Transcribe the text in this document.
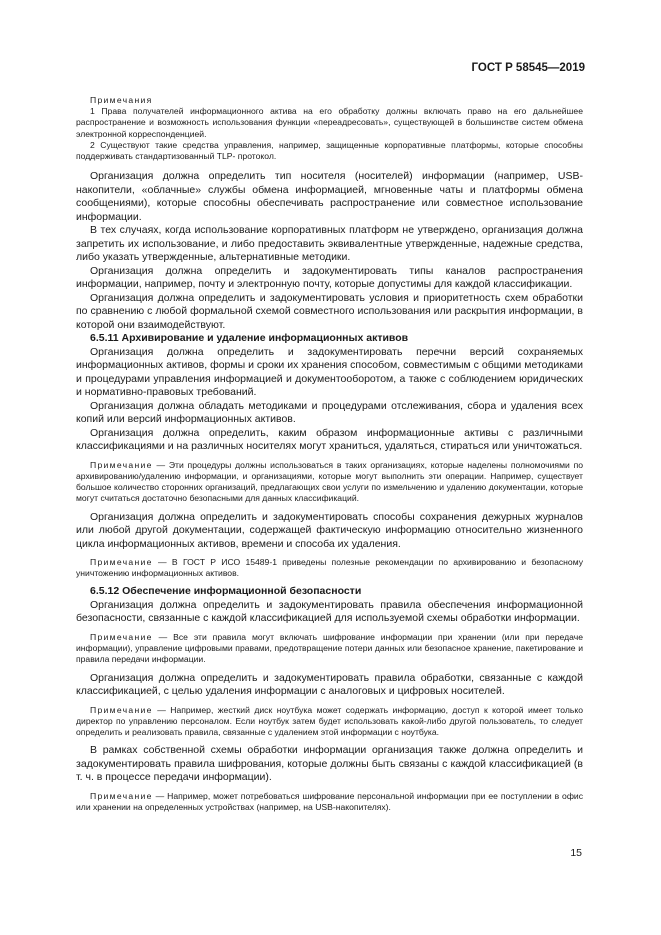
ГОСТ Р 58545—2019

Примечания

1 Права получателей информационного актива на его обработку должны включать право на его дальнейшее распространение и возможность использования функции «переадресовать», существующей в большинстве систем обмена электронной корреспонденцией.

2 Существуют такие средства управления, например, защищенные корпоративные платформы, которые способны поддерживать стандартизованный TLP- протокол.

Организация должна определить тип носителя (носителей) информации (например, USB-накопители, «облачные» службы обмена информацией, мгновенные чаты и платформы обмена сообщениями), которые способны обеспечивать распространение или совместное использование информации.

В тех случаях, когда использование корпоративных платформ не утверждено, организация должна запретить их использование, и либо предоставить эквивалентные утвержденные, надежные средства, либо указать утвержденные, альтернативные методики.

Организация должна определить и задокументировать типы каналов распространения информации, например, почту и электронную почту, которые допустимы для каждой классификации.

Организация должна определить и задокументировать условия и приоритетность схем обработки по сравнению с любой формальной схемой совместного использования или раскрытия информации, в которой они взаимодействуют.

6.5.11 Архивирование и удаление информационных активов

Организация должна определить и задокументировать перечни версий сохраняемых информационных активов, формы и сроки их хранения способом, совместимым с общими методиками и процедурами управления информацией и документооборотом, а также с соблюдением юридических и нормативно-правовых требований.

Организация должна обладать методиками и процедурами отслеживания, сбора и удаления всех копий или версий информационных активов.

Организация должна определить, каким образом информационные активы с различными классификациями и на различных носителях могут храниться, удаляться, стираться или уничтожаться.

Примечание — Эти процедуры должны использоваться в таких организациях, которые наделены полномочиями по архивированию/удалению информации, и организациями, которые могут выполнить эти операции. Например, существует большое количество сторонних организаций, предлагающих свои услуги по измельчению и удалению документации, которые могут считаться достаточно безопасными для данных классификаций.

Организация должна определить и задокументировать способы сохранения дежурных журналов или любой другой документации, содержащей фактическую информацию относительно жизненного цикла информационных активов, времени и способа их удаления.

Примечание — В ГОСТ Р ИСО 15489-1 приведены полезные рекомендации по архивированию и безопасному уничтожению информационных активов.

6.5.12 Обеспечение информационной безопасности

Организация должна определить и задокументировать правила обеспечения информационной безопасности, связанные с каждой классификацией для используемой схемы обработки информации.

Примечание — Все эти правила могут включать шифрование информации при хранении (или при передаче информации), управление цифровыми правами, предотвращение потери данных или безопасное хранение, пакетирование и правила передачи информации.

Организация должна определить и задокументировать правила обработки, связанные с каждой классификацией, с целью удаления информации с аналоговых и цифровых носителей.

Примечание — Например, жесткий диск ноутбука может содержать информацию, доступ к которой имеет только директор по управлению персоналом. Если ноутбук затем будет использовать какой-либо другой пользователь, то следует определить и реализовать правила, связанные с удалением этой информации с ноутбука.

В рамках собственной схемы обработки информации организация также должна определить и задокументировать правила шифрования, которые должны быть связаны с каждой классификацией (в т. ч. в процессе передачи информации).

Примечание — Например, может потребоваться шифрование персональной информации при ее поступлении в офис или хранении на определенных устройствах (например, на USB-накопителях).

15
